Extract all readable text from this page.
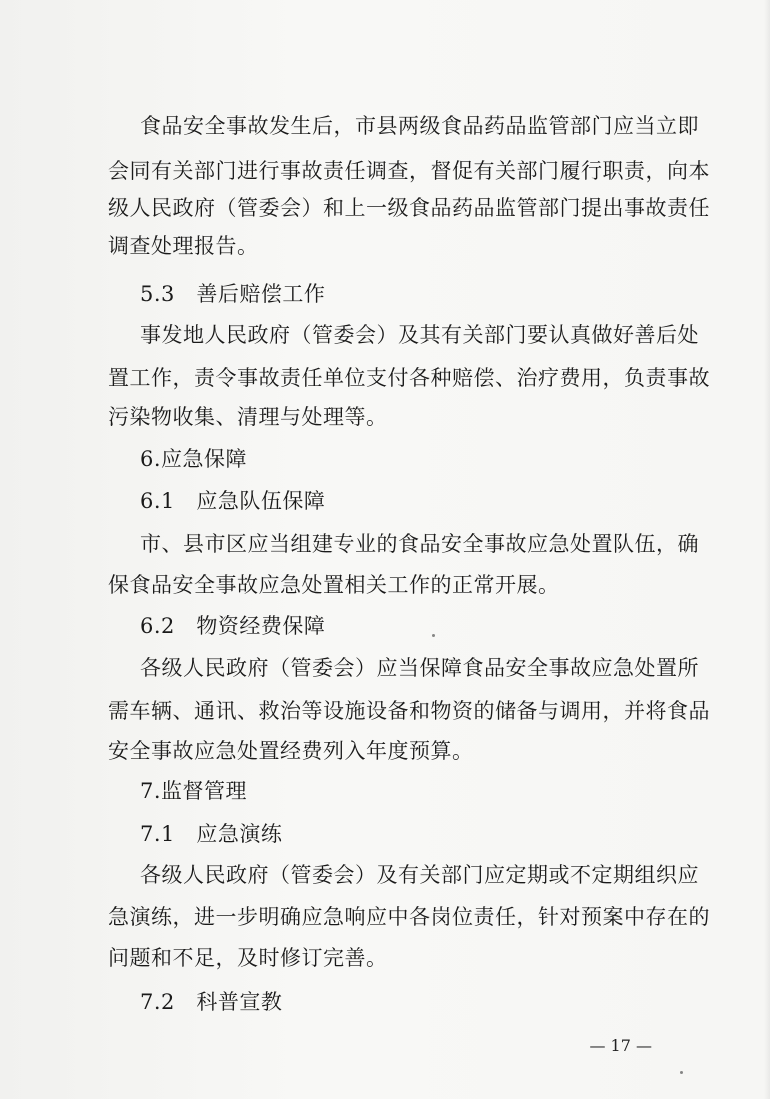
食品安全事故发生后，市县两级食品药品监管部门应当立即
会同有关部门进行事故责任调查，督促有关部门履行职责，向本
级人民政府（管委会）和上一级食品药品监管部门提出事故责任
调查处理报告。
5.3　善后赔偿工作
事发地人民政府（管委会）及其有关部门要认真做好善后处
置工作，责令事故责任单位支付各种赔偿、治疗费用，负责事故
污染物收集、清理与处理等。
6.应急保障
6.1　应急队伍保障
市、县市区应当组建专业的食品安全事故应急处置队伍，确
保食品安全事故应急处置相关工作的正常开展。
6.2　物资经费保障
各级人民政府（管委会）应当保障食品安全事故应急处置所
需车辆、通讯、救治等设施设备和物资的储备与调用，并将食品
安全事故应急处置经费列入年度预算。
7.监督管理
7.1　应急演练
各级人民政府（管委会）及有关部门应定期或不定期组织应
急演练，进一步明确应急响应中各岗位责任，针对预案中存在的
问题和不足，及时修订完善。
7.2　科普宣教
— 17 —
